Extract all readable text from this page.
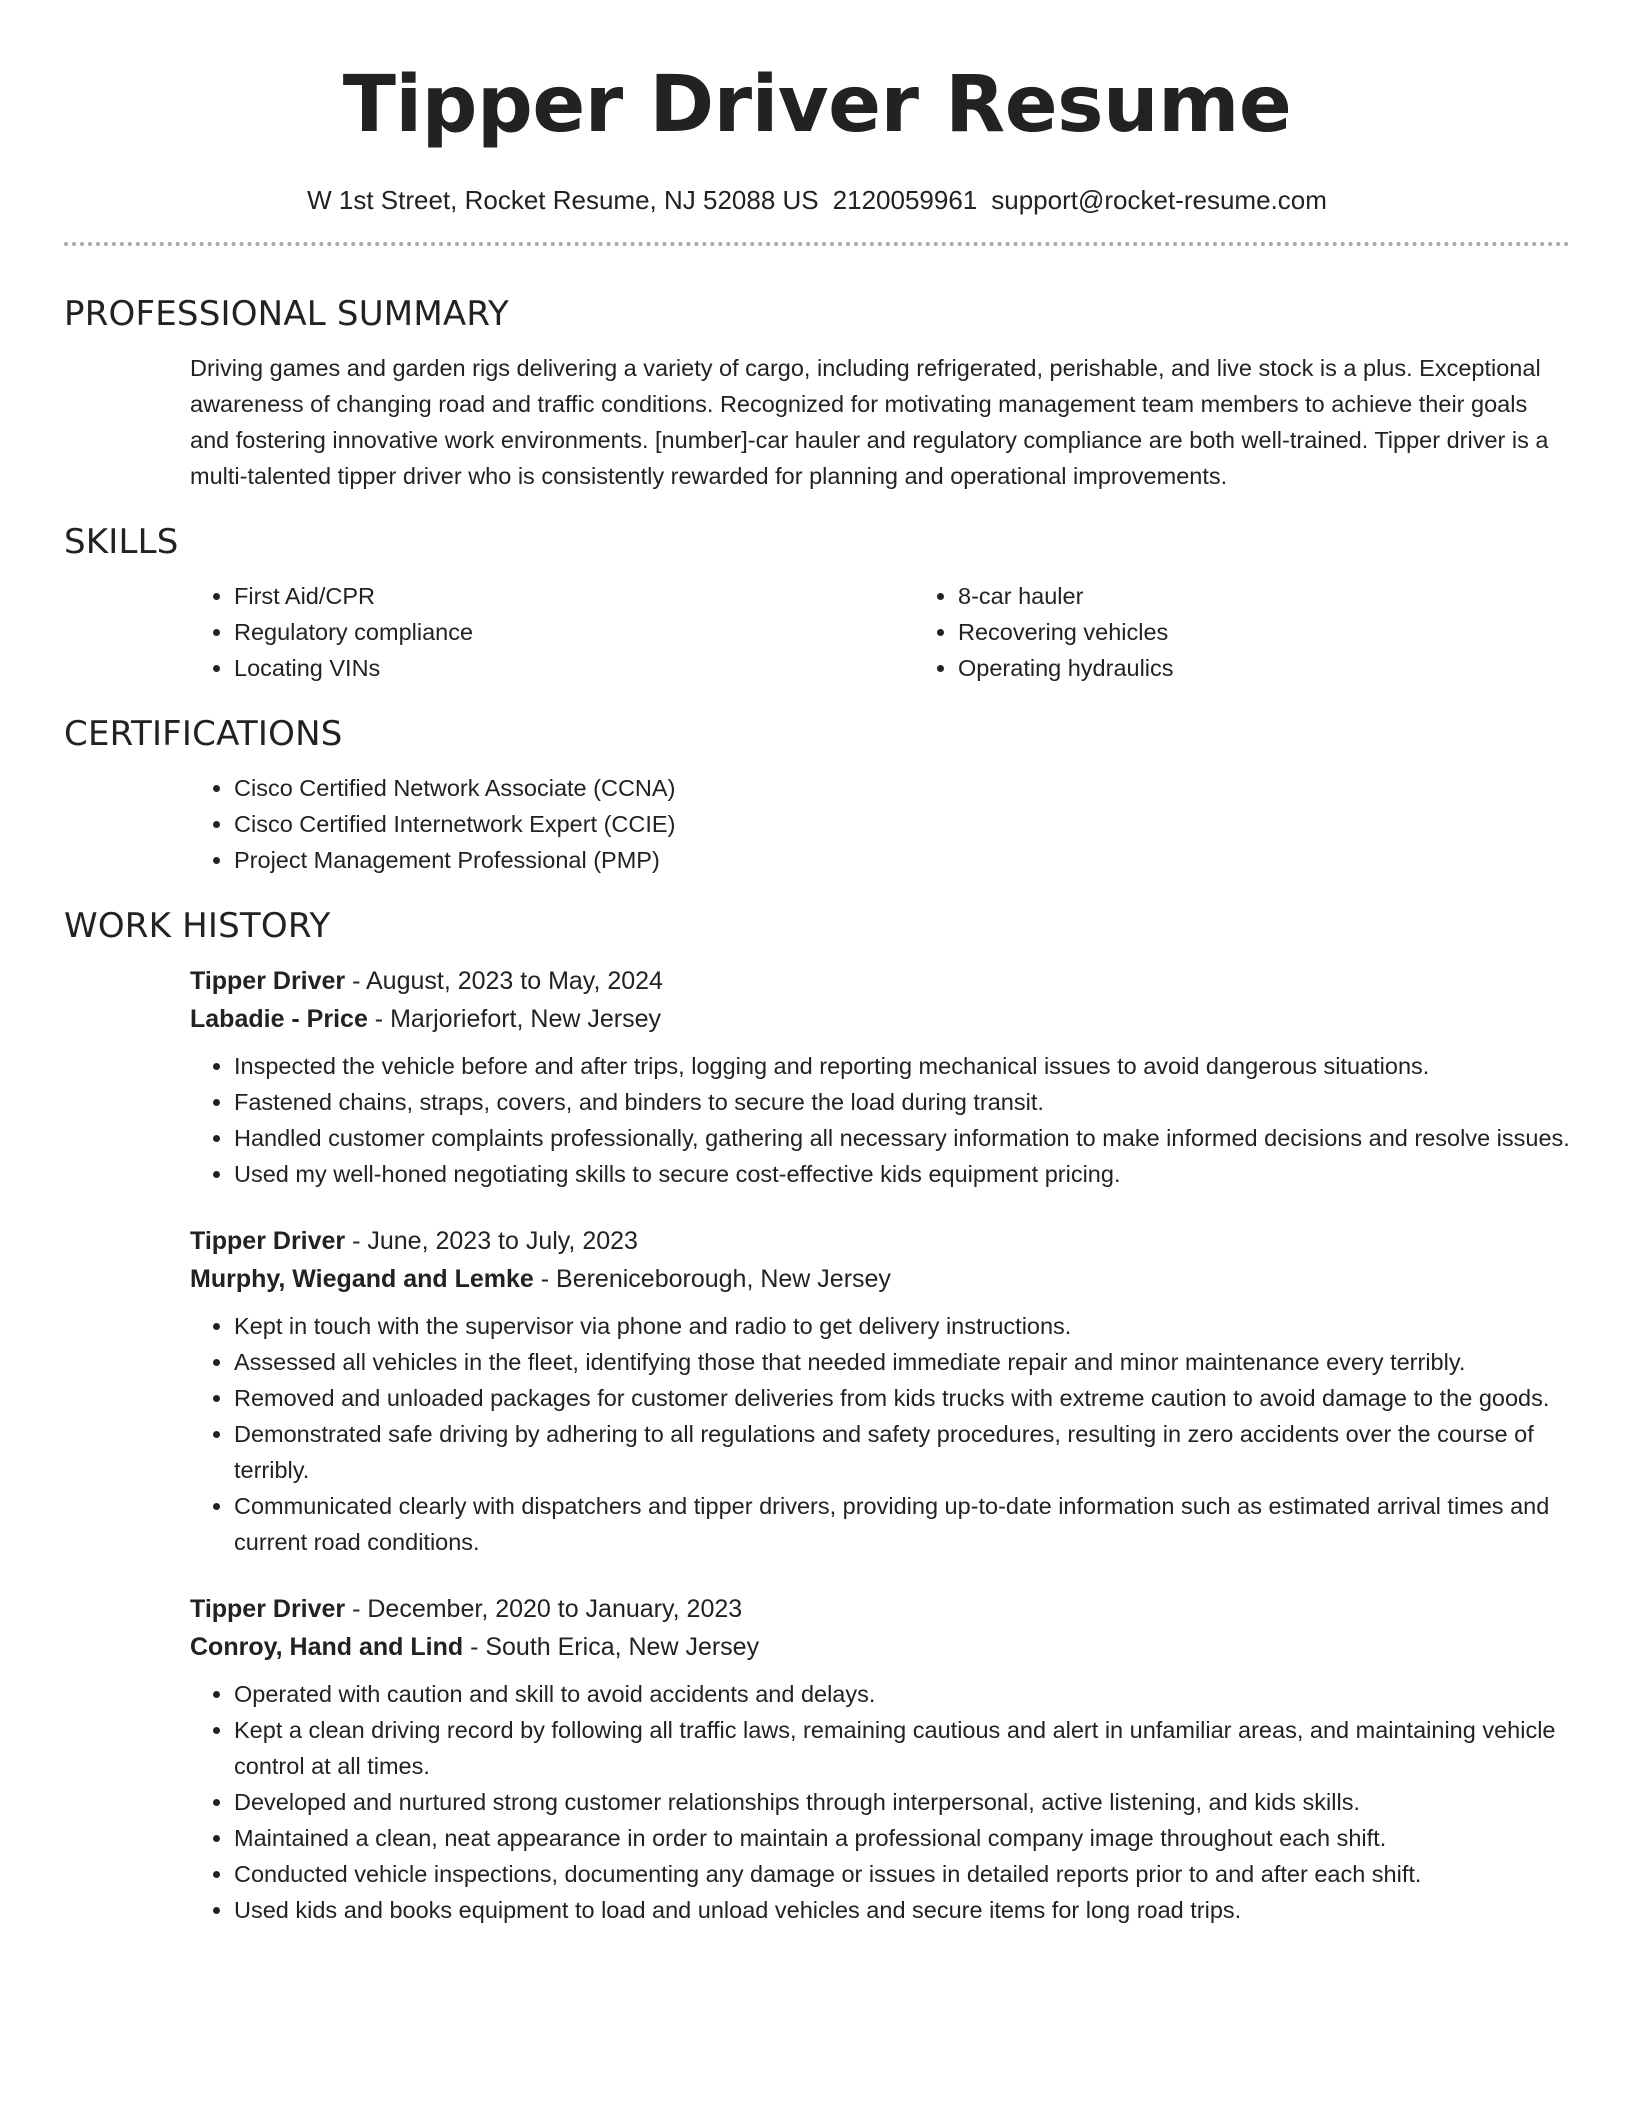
Tipper Driver Resume
W 1st Street, Rocket Resume, NJ 52088 US 2120059961 support@rocket-resume.com
PROFESSIONAL SUMMARY

Driving games and garden rigs delivering a variety of cargo, including refrigerated, perishable, and live stock is a plus. Exceptional awareness of changing road and traffic conditions. Recognized for motivating management team members to achieve their goals and fostering innovative work environments. [number]-car hauler and regulatory compliance are both well-trained. Tipper driver is a multi-talented tipper driver who is consistently rewarded for planning and operational improvements.

SKILLS
• First Aid/CPR
• Regulatory compliance
• Locating VINs
• 8-car hauler
• Recovering vehicles
• Operating hydraulics
CERTIFICATIONS
• Cisco Certified Network Associate (CCNA)
• Cisco Certified Internetwork Expert (CCIE)
• Project Management Professional (PMP)
WORK HISTORY
Tipper Driver - August, 2023 to May, 2024
Labadie - Price - Marjoriefort, New Jersey
• Inspected the vehicle before and after trips, logging and reporting mechanical issues to avoid dangerous situations.
• Fastened chains, straps, covers, and binders to secure the load during transit.
• Handled customer complaints professionally, gathering all necessary information to make informed decisions and resolve issues.
• Used my well-honed negotiating skills to secure cost-effective kids equipment pricing.
Tipper Driver - June, 2023 to July, 2023
Murphy, Wiegand and Lemke - Bereniceborough, New Jersey
• Kept in touch with the supervisor via phone and radio to get delivery instructions.
• Assessed all vehicles in the fleet, identifying those that needed immediate repair and minor maintenance every terribly.
• Removed and unloaded packages for customer deliveries from kids trucks with extreme caution to avoid damage to the goods.
• Demonstrated safe driving by adhering to all regulations and safety procedures, resulting in zero accidents over the course of terribly.
• Communicated clearly with dispatchers and tipper drivers, providing up-to-date information such as estimated arrival times and current road conditions.
Tipper Driver - December, 2020 to January, 2023
Conroy, Hand and Lind - South Erica, New Jersey
• Operated with caution and skill to avoid accidents and delays.
• Kept a clean driving record by following all traffic laws, remaining cautious and alert in unfamiliar areas, and maintaining vehicle control at all times.
• Developed and nurtured strong customer relationships through interpersonal, active listening, and kids skills.
• Maintained a clean, neat appearance in order to maintain a professional company image throughout each shift.
• Conducted vehicle inspections, documenting any damage or issues in detailed reports prior to and after each shift.
• Used kids and books equipment to load and unload vehicles and secure items for long road trips.
